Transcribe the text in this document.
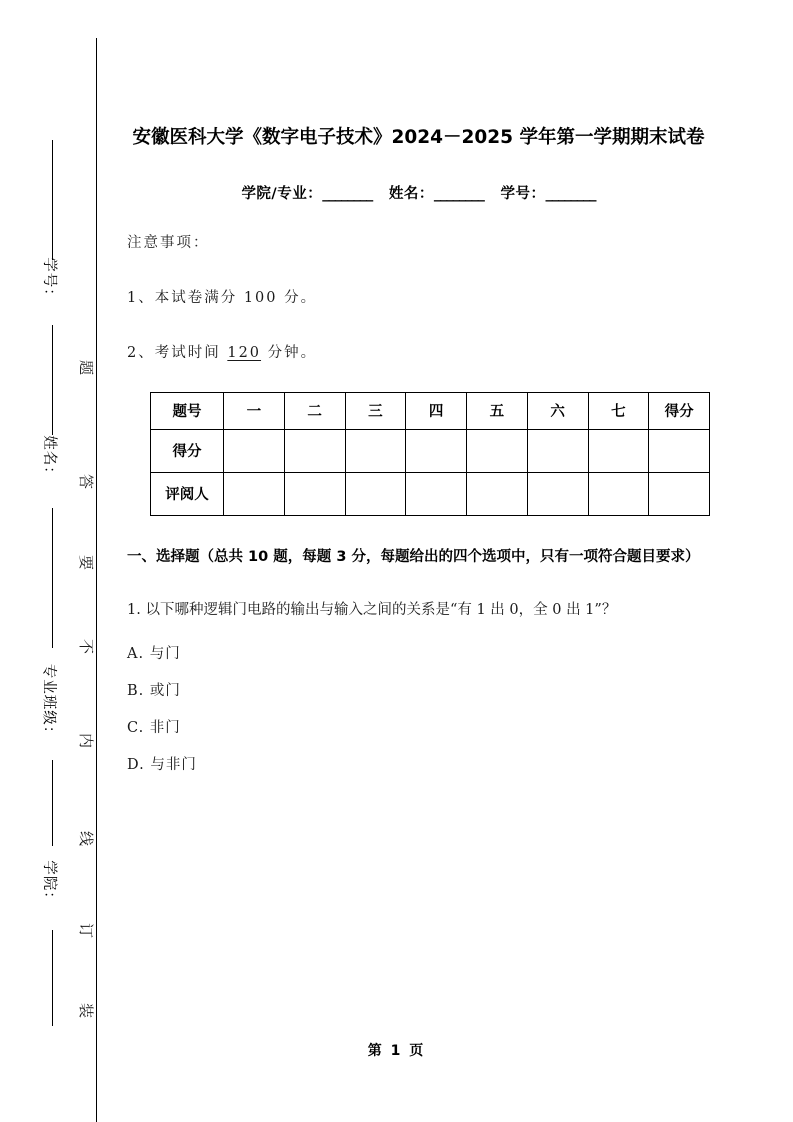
学号：
姓名：
专业班级：
学院：
题
答
要
不
内
线
订
装
安徽医科大学《数字电子技术》2024－2025 学年第一学期期末试卷
学院/专业：________ 姓名：________ 学号：________

注意事项：

1、本试卷满分 100 分。

2、考试时间 120 分钟。

题号	一	二	三	四	五	六	七	得分
得分								
评阅人								

一、选择题（总共 10 题，每题 3 分，每题给出的四个选项中，只有一项符合题目要求）

1. 以下哪种逻辑门电路的输出与输入之间的关系是“有 1 出 0，全 0 出 1”？

A. 与门

B. 或门

C. 非门

D. 与非门

第 1 页
